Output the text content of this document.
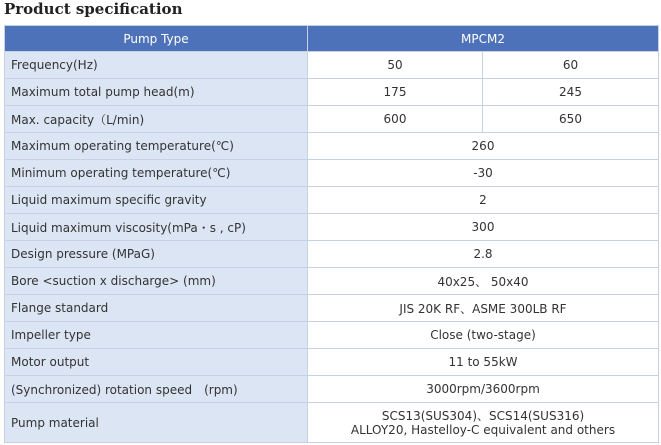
Product specification
Pump Type	MPCM2	
Frequency(Hz)	50	60
Maximum total pump head(m)	175	245
Max. capacity（L/min)	600	650
Maximum operating temperature(℃)	260	
Minimum operating temperature(℃)	-30	
Liquid maximum specific gravity	2	
Liquid maximum viscosity(mPa・s , cP)	300	
Design pressure (MPaG)	2.8	
Bore <suction x discharge> (mm)	40x25、 50x40	
Flange standard	JIS 20K RF、ASME 300LB RF	
Impeller type	Close (two-stage)	
Motor output	11 to 55kW	
(Synchronized) rotation speed　(rpm)	3000rpm/3600rpm	
Pump material	SCS13(SUS304)、SCS14(SUS316)
ALLOY20, Hastelloy-C equivalent and others	
